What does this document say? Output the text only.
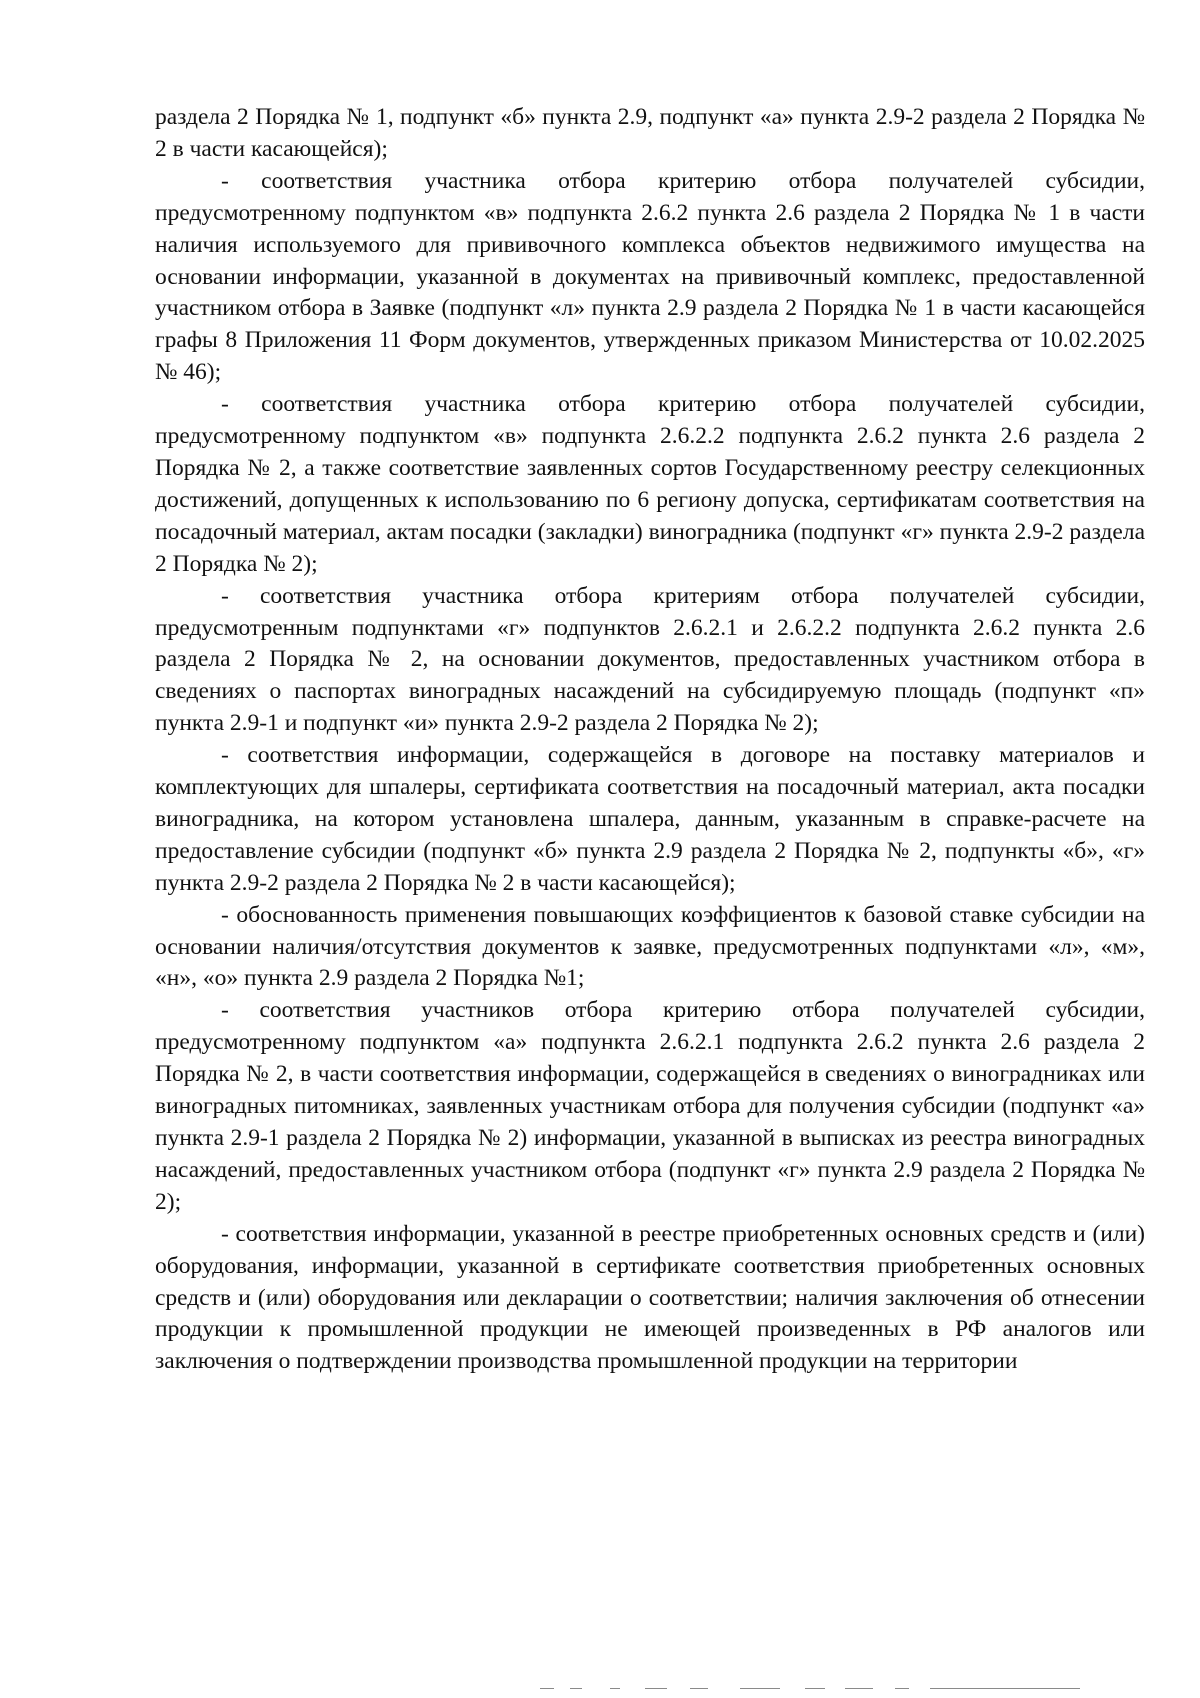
раздела 2 Порядка № 1, подпункт «б» пункта 2.9, подпункт «а» пункта 2.9-2 раздела 2 Порядка № 2 в части касающейся);

- соответствия участника отбора критерию отбора получателей субсидии, предусмотренному подпунктом «в» подпункта 2.6.2 пункта 2.6 раздела 2 Порядка № 1 в части наличия используемого для прививочного комплекса объектов недвижимого имущества на основании информации, указанной в документах на прививочный комплекс, предоставленной участником отбора в Заявке (подпункт «л» пункта 2.9 раздела 2 Порядка № 1 в части касающейся графы 8 Приложения 11 Форм документов, утвержденных приказом Министерства от 10.02.2025 № 46);

- соответствия участника отбора критерию отбора получателей субсидии, предусмотренному подпунктом «в» подпункта 2.6.2.2 подпункта 2.6.2 пункта 2.6 раздела 2 Порядка № 2, а также соответствие заявленных сортов Государственному реестру селекционных достижений, допущенных к использованию по 6 региону допуска, сертификатам соответствия на посадочный материал, актам посадки (закладки) виноградника (подпункт «г» пункта 2.9-2 раздела 2 Порядка № 2);

- соответствия участника отбора критериям отбора получателей субсидии, предусмотренным подпунктами «г» подпунктов 2.6.2.1 и 2.6.2.2 подпункта 2.6.2 пункта 2.6 раздела 2 Порядка № 2, на основании документов, предоставленных участником отбора в сведениях о паспортах виноградных насаждений на субсидируемую площадь (подпункт «п» пункта 2.9-1 и подпункт «и» пункта 2.9-2 раздела 2 Порядка № 2);

- соответствия информации, содержащейся в договоре на поставку материалов и комплектующих для шпалеры, сертификата соответствия на посадочный материал, акта посадки виноградника, на котором установлена шпалера, данным, указанным в справке-расчете на предоставление субсидии (подпункт «б» пункта 2.9 раздела 2 Порядка № 2, подпункты «б», «г» пункта 2.9-2 раздела 2 Порядка № 2 в части касающейся);

- обоснованность применения повышающих коэффициентов к базовой ставке субсидии на основании наличия/отсутствия документов к заявке, предусмотренных подпунктами «л», «м», «н», «о» пункта 2.9 раздела 2 Порядка №1;

- соответствия участников отбора критерию отбора получателей субсидии, предусмотренному подпунктом «а» подпункта 2.6.2.1 подпункта 2.6.2 пункта 2.6 раздела 2 Порядка № 2, в части соответствия информации, содержащейся в сведениях о виноградниках или виноградных питомниках, заявленных участникам отбора для получения субсидии (подпункт «а» пункта 2.9-1 раздела 2 Порядка № 2) информации, указанной в выписках из реестра виноградных насаждений, предоставленных участником отбора (подпункт «г» пункта 2.9 раздела 2 Порядка № 2);

- соответствия информации, указанной в реестре приобретенных основных средств и (или) оборудования, информации, указанной в сертификате соответствия приобретенных основных средств и (или) оборудования или декларации о соответствии; наличия заключения об отнесении продукции к промышленной продукции не имеющей произведенных в РФ аналогов или заключения о подтверждении производства промышленной продукции на территории
